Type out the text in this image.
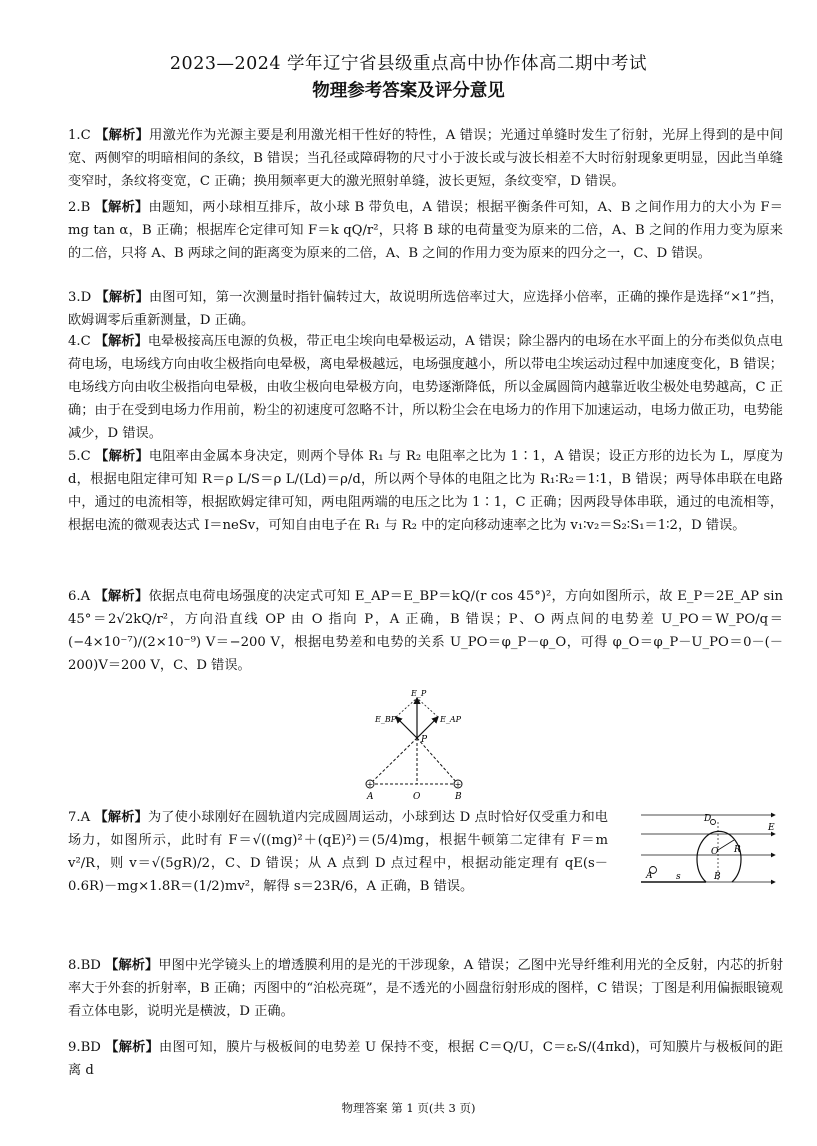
2023—2024 学年辽宁省县级重点高中协作体高二期中考试
物理参考答案及评分意见
1.C 【解析】用激光作为光源主要是利用激光相干性好的特性，A 错误；光通过单缝时发生了衍射，光屏上得到的是中间宽、两侧窄的明暗相间的条纹，B 错误；当孔径或障碍物的尺寸小于波长或与波长相差不大时衍射现象更明显，因此当单缝变窄时，条纹将变宽，C 正确；换用频率更大的激光照射单缝，波长更短，条纹变窄，D 错误。
2.B 【解析】由题知，两小球相互排斥，故小球 B 带负电，A 错误；根据平衡条件可知，A、B 之间作用力的大小为 F＝mg tan α，B 正确；根据库仑定律可知 F＝k qQ/r²，只将 B 球的电荷量变为原来的二倍，A、B 之间的作用力变为原来的二倍，只将 A、B 两球之间的距离变为原来的二倍，A、B 之间的作用力变为原来的四分之一，C、D 错误。
3.D 【解析】由图可知，第一次测量时指针偏转过大，故说明所选倍率过大，应选择小倍率，正确的操作是选择“×1”挡，欧姆调零后重新测量，D 正确。
4.C 【解析】电晕极接高压电源的负极，带正电尘埃向电晕极运动，A 错误；除尘器内的电场在水平面上的分布类似负点电荷电场，电场线方向由收尘极指向电晕极，离电晕极越远，电场强度越小，所以带电尘埃运动过程中加速度变化，B 错误；电场线方向由收尘极指向电晕极，由收尘极向电晕极方向，电势逐渐降低，所以金属圆筒内越靠近收尘极处电势越高，C 正确；由于在受到电场力作用前，粉尘的初速度可忽略不计，所以粉尘会在电场力的作用下加速运动，电场力做正功，电势能减少，D 错误。
5.C 【解析】电阻率由金属本身决定，则两个导体 R₁ 与 R₂ 电阻率之比为 1∶1，A 错误；设正方形的边长为 L，厚度为 d，根据电阻定律可知 R＝ρ L/S＝ρ L/(Ld)＝ρ/d，所以两个导体的电阻之比为 R₁∶R₂＝1∶1，B 错误；两导体串联在电路中，通过的电流相等，根据欧姆定律可知，两电阻两端的电压之比为 1∶1，C 正确；因两段导体串联，通过的电流相等，根据电流的微观表达式 I＝neSv，可知自由电子在 R₁ 与 R₂ 中的定向移动速率之比为 v₁∶v₂＝S₂∶S₁＝1∶2，D 错误。
6.A 【解析】依据点电荷电场强度的决定式可知 E_AP＝E_BP＝kQ/(r cos 45°)²，方向如图所示，故 E_P＝2E_AP sin 45°＝2√2kQ/r²，方向沿直线 OP 由 O 指向 P，A 正确，B 错误；P、O 两点间的电势差 U_PO＝W_PO/q＝(−4×10⁻⁷)/(2×10⁻⁹) V＝−200 V，根据电势差和电势的关系 U_PO＝φ_P－φ_O，可得 φ_O＝φ_P－U_PO＝0－(－200)V＝200 V，C、D 错误。
+	+
E_P
E_BP	E_AP
P
A	O	B
7.A 【解析】为了使小球刚好在圆轨道内完成圆周运动，小球到达 D 点时恰好仅受重力和电场力，如图所示，此时有 F＝√((mg)²＋(qE)²)＝(5/4)mg，根据牛顿第二定律有 F＝m v²/R，则 v＝√(5gR)/2，C、D 错误；从 A 点到 D 点过程中，根据动能定理有 qE(s－0.6R)－mg×1.8R＝(1/2)mv²，解得 s＝23R/6，A 正确，B 错误。
D
E
R
O
B
A	s
8.BD 【解析】甲图中光学镜头上的增透膜利用的是光的干涉现象，A 错误；乙图中光导纤维利用光的全反射，内芯的折射率大于外套的折射率，B 正确；丙图中的“泊松亮斑”，是不透光的小圆盘衍射形成的图样，C 错误；丁图是利用偏振眼镜观看立体电影，说明光是横波，D 正确。
9.BD 【解析】由图可知，膜片与极板间的电势差 U 保持不变，根据 C＝Q/U，C＝εᵣS/(4πkd)，可知膜片与极板间的距离 d
物理答案 第 1 页(共 3 页)
